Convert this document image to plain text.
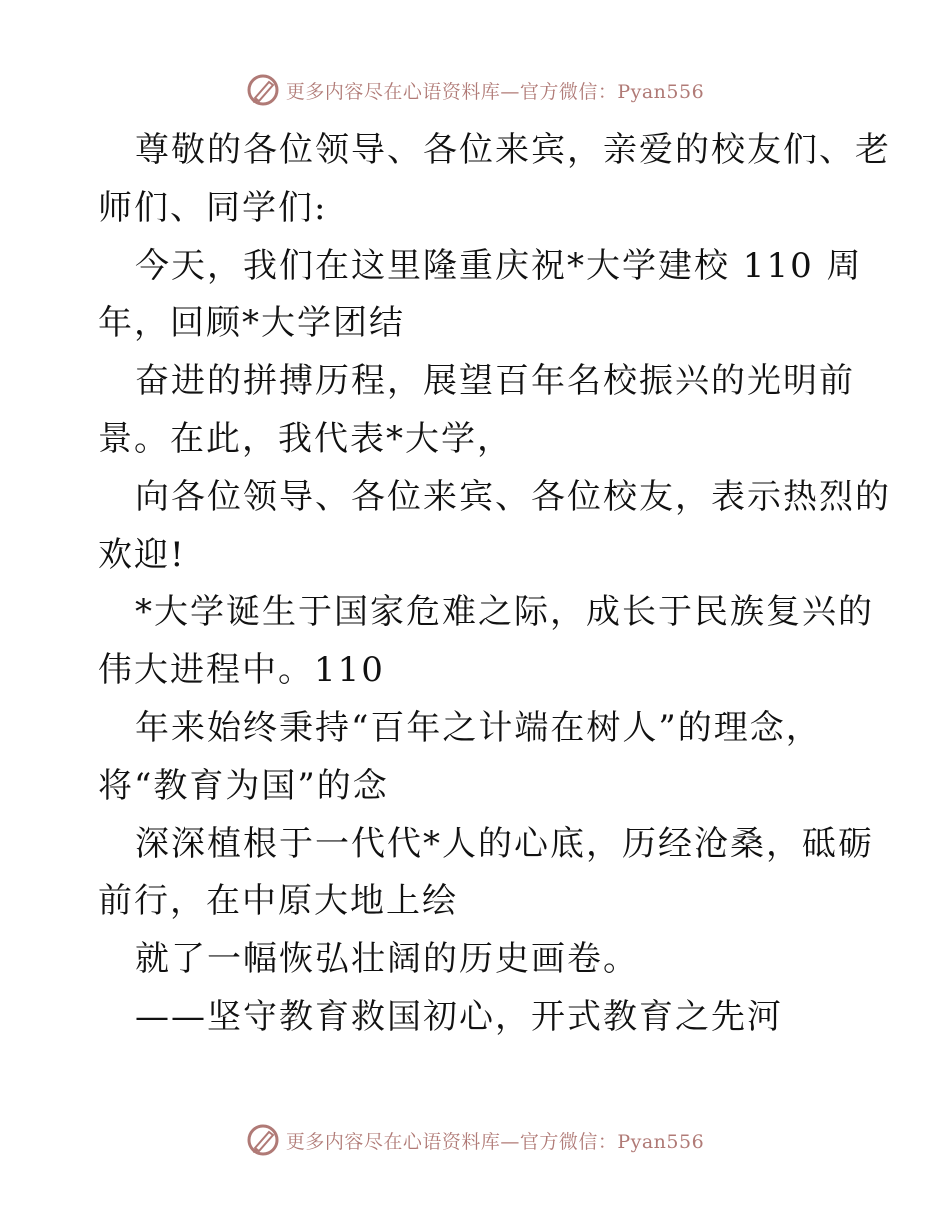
更多内容尽在心语资料库—官方微信：Pyan556
尊敬的各位领导、各位来宾，亲爱的校友们、老
师们、同学们:
今天，我们在这里隆重庆祝*大学建校 110 周
年，回顾*大学团结
奋进的拼搏历程，展望百年名校振兴的光明前
景。在此，我代表*大学，
向各位领导、各位来宾、各位校友，表示热烈的
欢迎!
*大学诞生于国家危难之际，成长于民族复兴的
伟大进程中。110
年来始终秉持“百年之计端在树人”的理念，
将“教育为国”的念
深深植根于一代代*人的心底，历经沧桑，砥砺
前行，在中原大地上绘
就了一幅恢弘壮阔的历史画卷。
——坚守教育救国初心，开式教育之先河
更多内容尽在心语资料库—官方微信：Pyan556
